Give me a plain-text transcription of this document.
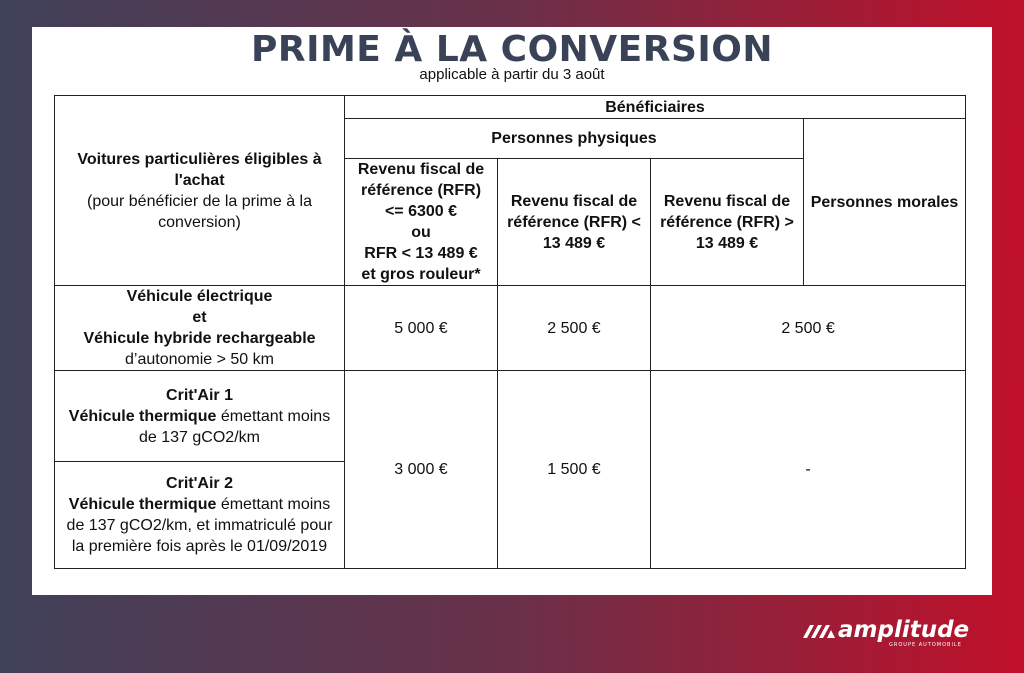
PRIME À LA CONVERSION
applicable à partir du 3 août
Voitures particulières éligibles à l'achat
(pour bénéficier de la prime à la conversion)	Bénéficiaires			
	Personnes physiques			Personnes morales

	Revenu fiscal de référence (RFR)
<= 6300 €
ou
RFR < 13 489 €
et gros rouleur*	Revenu fiscal de référence (RFR) < 13 489 €	Revenu fiscal de référence (RFR) > 13 489 €	

Véhicule électrique
et
Véhicule hybride rechargeable
d’autonomie > 50 km	5 000 €	2 500 €	2 500 €	

Crit'Air 1
Véhicule thermique émettant moins de 137 gCO2/km	3 000 €	1 500 €	-	

Crit'Air 2
Véhicule thermique émettant moins de 137 gCO2/km, et immatriculé pour la première fois après le 01/09/2019				
amplitude
GROUPE AUTOMOBILE
